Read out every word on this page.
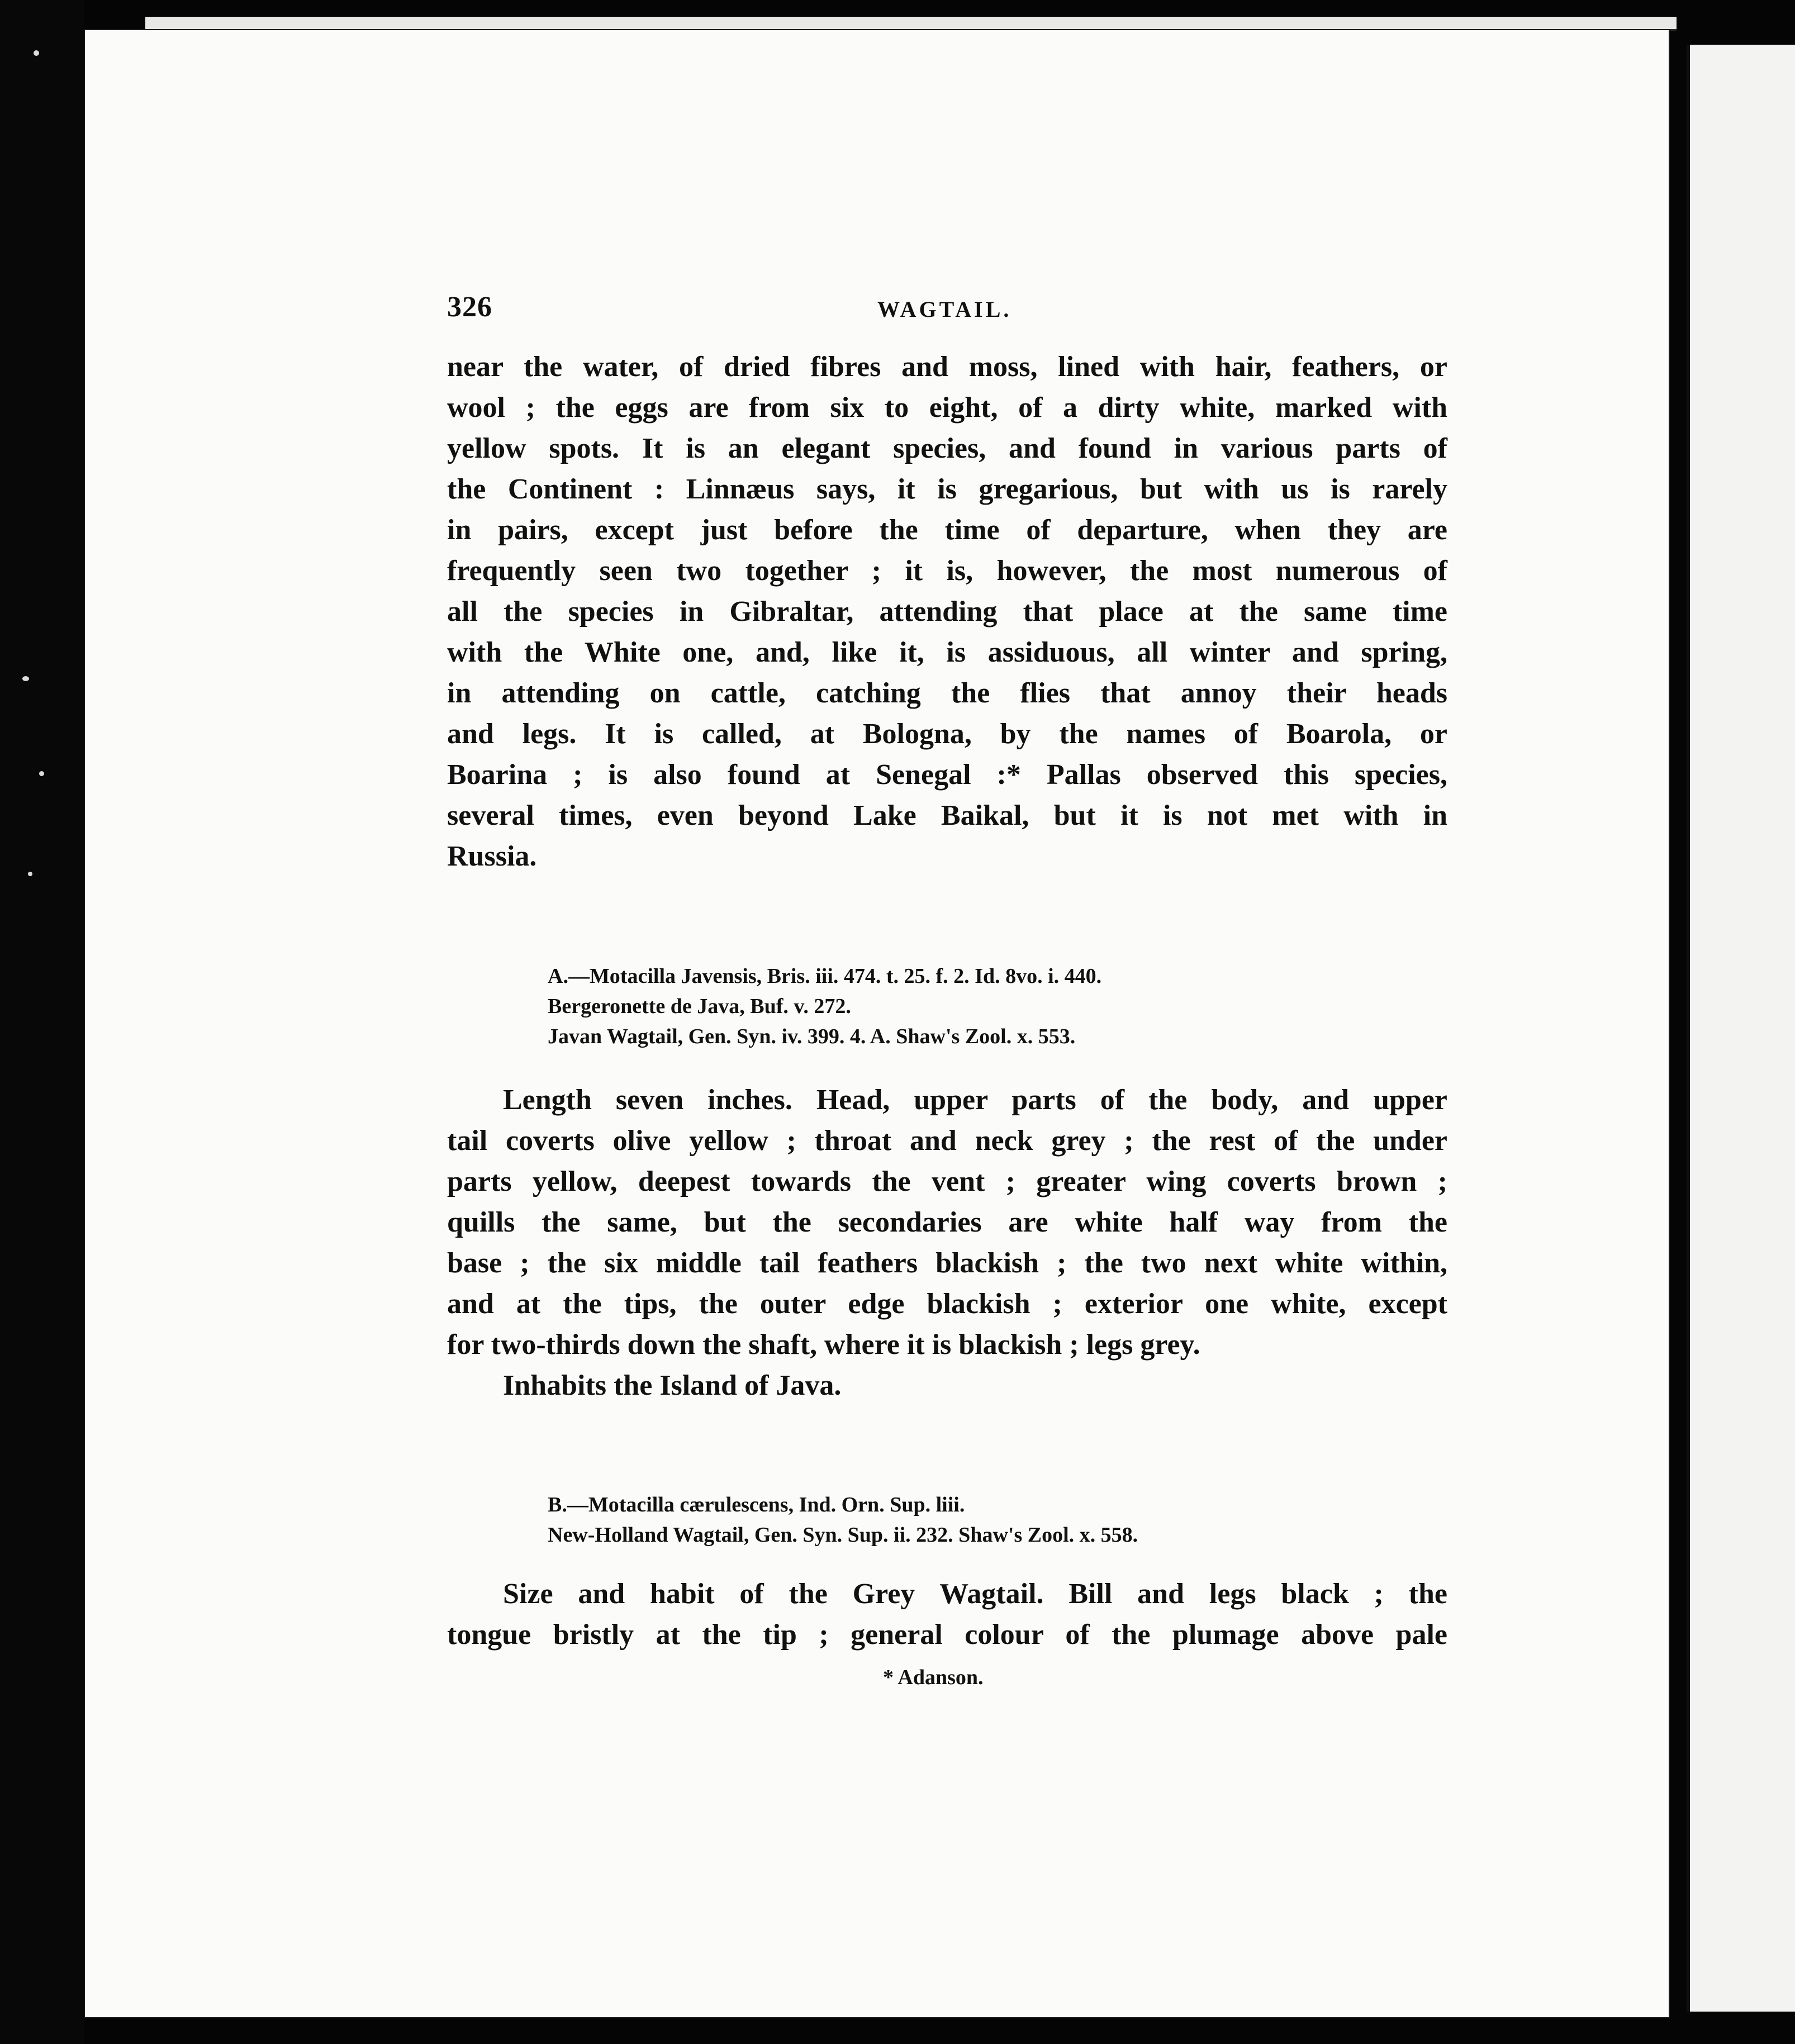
326	WAGTAIL.
near the water, of dried fibres and moss, lined with hair, feathers, or
wool ; the eggs are from six to eight, of a dirty white, marked with
yellow spots. It is an elegant species, and found in various parts of
the Continent : Linnæus says, it is gregarious, but with us is rarely
in pairs, except just before the time of departure, when they are
frequently seen two together ; it is, however, the most numerous of
all the species in Gibraltar, attending that place at the same time
with the White one, and, like it, is assiduous, all winter and spring,
in attending on cattle, catching the flies that annoy their heads
and legs. It is called, at Bologna, by the names of Boarola, or
Boarina ; is also found at Senegal :* Pallas observed this species,
several times, even beyond Lake Baikal, but it is not met with in
Russia.
A.—Motacilla Javensis, Bris. iii. 474. t. 25. f. 2. Id. 8vo. i. 440.
Bergeronette de Java, Buf. v. 272.
Javan Wagtail, Gen. Syn. iv. 399. 4. A. Shaw's Zool. x. 553.
Length seven inches. Head, upper parts of the body, and upper
tail coverts olive yellow ; throat and neck grey ; the rest of the under
parts yellow, deepest towards the vent ; greater wing coverts brown ;
quills the same, but the secondaries are white half way from the
base ; the six middle tail feathers blackish ; the two next white within,
and at the tips, the outer edge blackish ; exterior one white, except
for two-thirds down the shaft, where it is blackish ; legs grey.
Inhabits the Island of Java.
B.—Motacilla cærulescens, Ind. Orn. Sup. liii.
New-Holland Wagtail, Gen. Syn. Sup. ii. 232. Shaw's Zool. x. 558.
Size and habit of the Grey Wagtail. Bill and legs black ; the
tongue bristly at the tip ; general colour of the plumage above pale
* Adanson.
